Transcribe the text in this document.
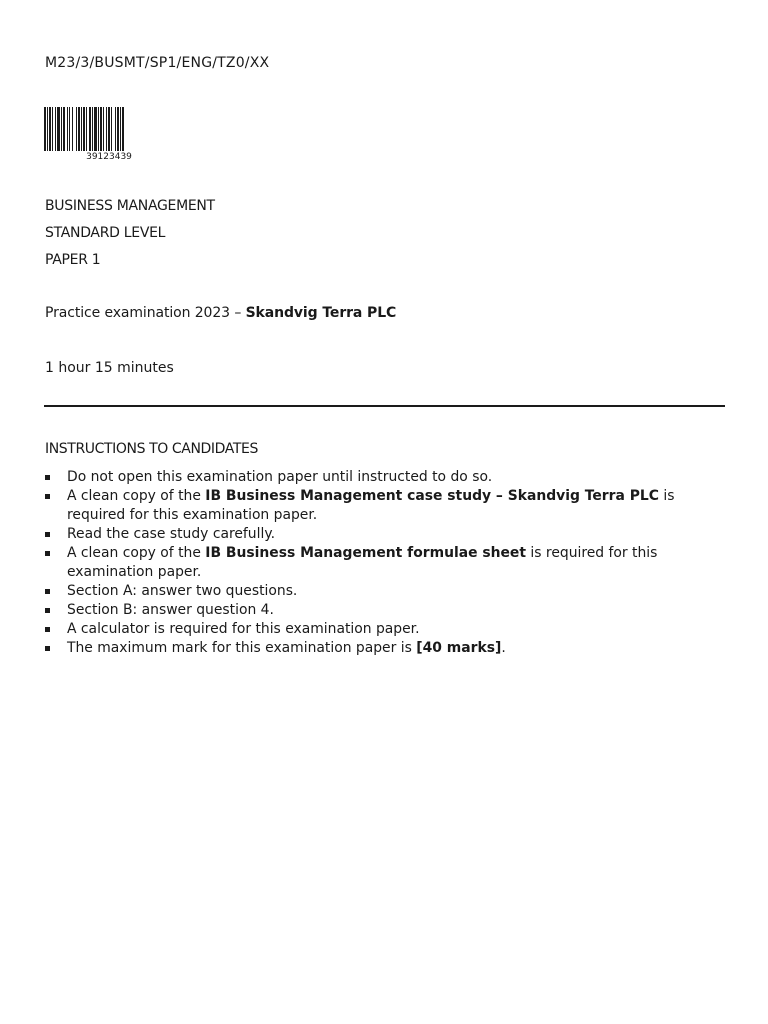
M23/3/BUSMT/SP1/ENG/TZ0/XX
39123439
BUSINESS MANAGEMENT
STANDARD LEVEL
PAPER 1
Practice examination 2023 – Skandvig Terra PLC
1 hour 15 minutes
INSTRUCTIONS TO CANDIDATES
Do not open this examination paper until instructed to do so.
A clean copy of the IB Business Management case study – Skandvig Terra PLC is required for this examination paper.
Read the case study carefully.
A clean copy of the IB Business Management formulae sheet is required for this examination paper.
Section A: answer two questions.
Section B: answer question 4.
A calculator is required for this examination paper.
The maximum mark for this examination paper is [40 marks].
